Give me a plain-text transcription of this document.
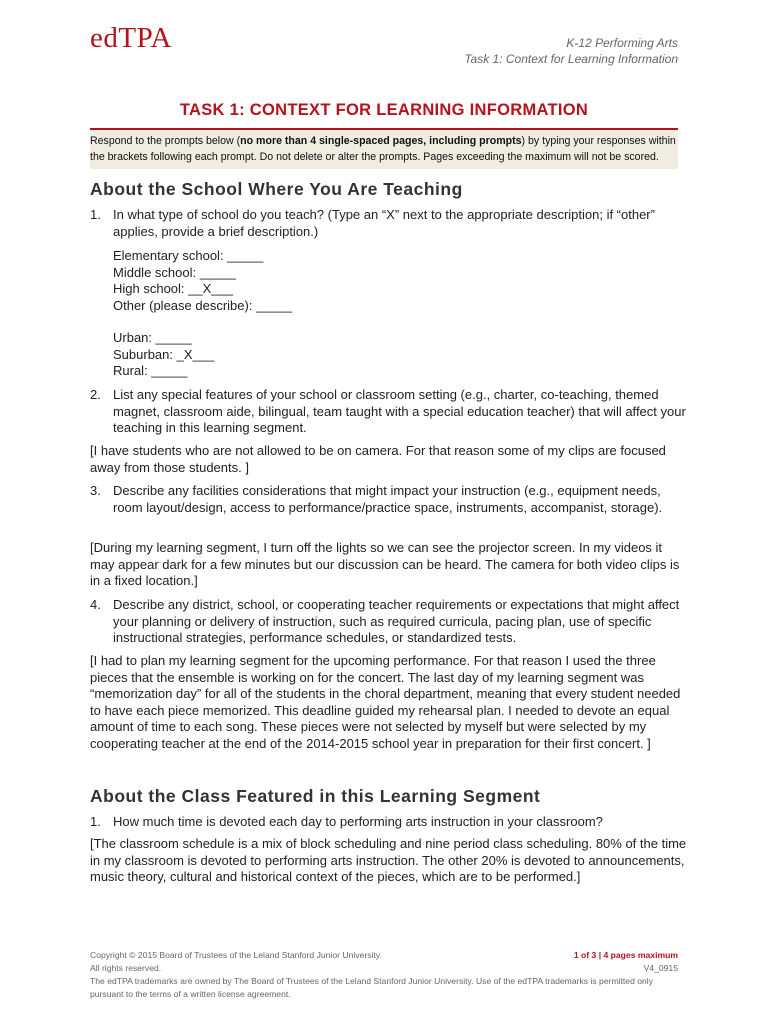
edTPA	K-12 Performing Arts
Task 1: Context for Learning Information
TASK 1: CONTEXT FOR LEARNING INFORMATION
Respond to the prompts below (no more than 4 single-spaced pages, including prompts) by typing your responses within the brackets following each prompt. Do not delete or alter the prompts. Pages exceeding the maximum will not be scored.
About the School Where You Are Teaching
1. In what type of school do you teach? (Type an “X” next to the appropriate description; if “other” applies, provide a brief description.)
Elementary school: _____
Middle school: _____
High school: __X___
Other (please describe): _____
Urban: _____
Suburban: _X___
Rural: _____
2. List any special features of your school or classroom setting (e.g., charter, co-teaching, themed magnet, classroom aide, bilingual, team taught with a special education teacher) that will affect your teaching in this learning segment.
[I have students who are not allowed to be on camera. For that reason some of my clips are focused away from those students. ]
3. Describe any facilities considerations that might impact your instruction (e.g., equipment needs, room layout/design, access to performance/practice space, instruments, accompanist, storage).
[During my learning segment, I turn off the lights so we can see the projector screen. In my videos it may appear dark for a few minutes but our discussion can be heard. The camera for both video clips is in a fixed location.]
4. Describe any district, school, or cooperating teacher requirements or expectations that might affect your planning or delivery of instruction, such as required curricula, pacing plan, use of specific instructional strategies, performance schedules, or standardized tests.
[I had to plan my learning segment for the upcoming performance. For that reason I used the three pieces that the ensemble is working on for the concert. The last day of my learning segment was “memorization day” for all of the students in the choral department, meaning that every student needed to have each piece memorized. This deadline guided my rehearsal plan. I needed to devote an equal amount of time to each song. These pieces were not selected by myself but were selected by my cooperating teacher at the end of the 2014-2015 school year in preparation for their first concert. ]
About the Class Featured in this Learning Segment
1. How much time is devoted each day to performing arts instruction in your classroom?
[The classroom schedule is a mix of block scheduling and nine period class scheduling. 80% of the time in my classroom is devoted to performing arts instruction. The other 20% is devoted to announcements, music theory, cultural and historical context of the pieces, which are to be performed.]
Copyright © 2015 Board of Trustees of the Leland Stanford Junior University.
All rights reserved.
1 of 3 | 4 pages maximum
V4_0915
The edTPA trademarks are owned by The Board of Trustees of the Leland Stanford Junior University. Use of the edTPA trademarks is permitted only pursuant to the terms of a written license agreement.
